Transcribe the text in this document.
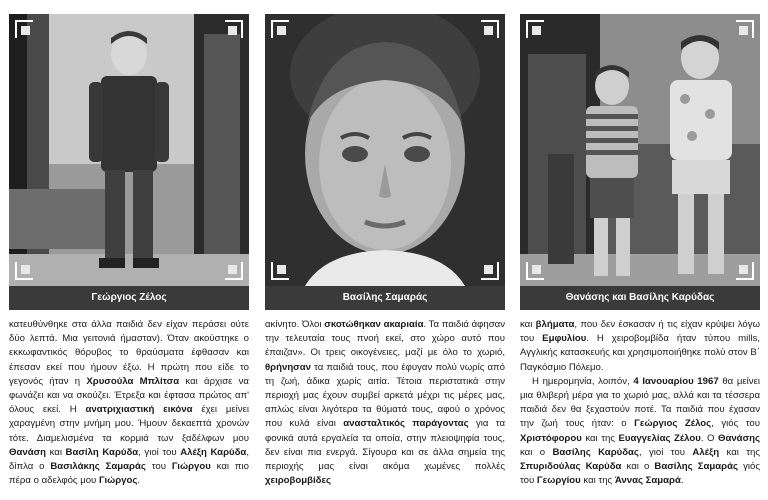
Γεώργιος Ζέλος

κατευθύνθηκε στα άλλα παιδιά δεν είχαν περάσει ούτε δύο λεπτά. Μια γειτονιά ήμασταν). Όταν ακούστηκε ο εκκωφαντικός θόρυβος το θραύσματα έφθασαν και έπεσαν εκεί που ήμουν έξω. Η πρώτη που είδε το γεγονός ήταν η Χρυσούλα Μπλίτσα και άρχισε να φωνάζει και να σκούζει. Έτρεξα και έφτασα πρώτος απ' όλους εκεί. Η ανατριχιαστική εικόνα έχει μείνει χαραγμένη στην μνήμη μου. Ήμουν δεκαεπτά χρονών τότε. Διαμελισμένα τα κορμιά των ξαδέλφων μου Θανάση και Βασίλη Καρύδα, γιοί του Αλέξη Καρύδα, δίπλα ο Βασιλάκης Σαμαράς του Γιώργου και πιο πέρα ο αδελφός μου Γιώργος.

Βασίλης Σαμαράς

ακίνητο. Όλοι σκοτώθηκαν ακαριαία. Τα παιδιά άφησαν την τελευταία τους πνοή εκεί, στο χώρο αυτό που έπαιζαν». Οι τρεις οικογένειες, μαζί με όλο το χωριό, θρήνησαν τα παιδιά τους, που έφυγαν πολύ νωρίς από τη ζωή, άδικα χωρίς αιτία. Τέτοια περιστατικά στην περιοχή μας έχουν συμβεί αρκετά μέχρι τις μέρες μας, απλώς είναι λιγότερα τα θύματά τους, αφού ο χρόνος που κυλά είναι ανασταλτικός παράγοντας για τα φονικά αυτά εργαλεία τα οποία, στην πλειοψηφία τους, δεν είναι πια ενεργά. Σίγουρα και σε άλλα σημεία της περιοχής μας είναι ακόμα χωμένες πολλές χειροβομβίδες

Θανάσης και Βασίλης Καρύδας

και βλήματα, που δεν έσκασαν ή τις είχαν κρύψει λόγω του Εμφυλίου. Η χειροβομβίδα ήταν τύπου mills, Αγγλικής κατασκευής και χρησιμοποιήθηκε πολύ στον Β΄ Παγκόσμιο Πόλεμο.

Η ημερομηνία, λοιπόν, 4 Ιανουαρίου 1967 θα μείνει μια θλιβερή μέρα για το χωριό μας, αλλά και τα τέσσερα παιδιά δεν θα ξεχαστούν ποτέ. Τα παιδιά που έχασαν την ζωή τους ήταν: ο Γεώργιος Ζέλος, γιός του Χριστόφορου και της Ευαγγελίας Ζέλου. Ο Θανάσης και ο Βασίλης Καρύδας, γιοί του Αλέξη και της Σπυριδούλας Καρύδα και ο Βασίλης Σαμαράς γιός του Γεωργίου και της Άννας Σαμαρά.
